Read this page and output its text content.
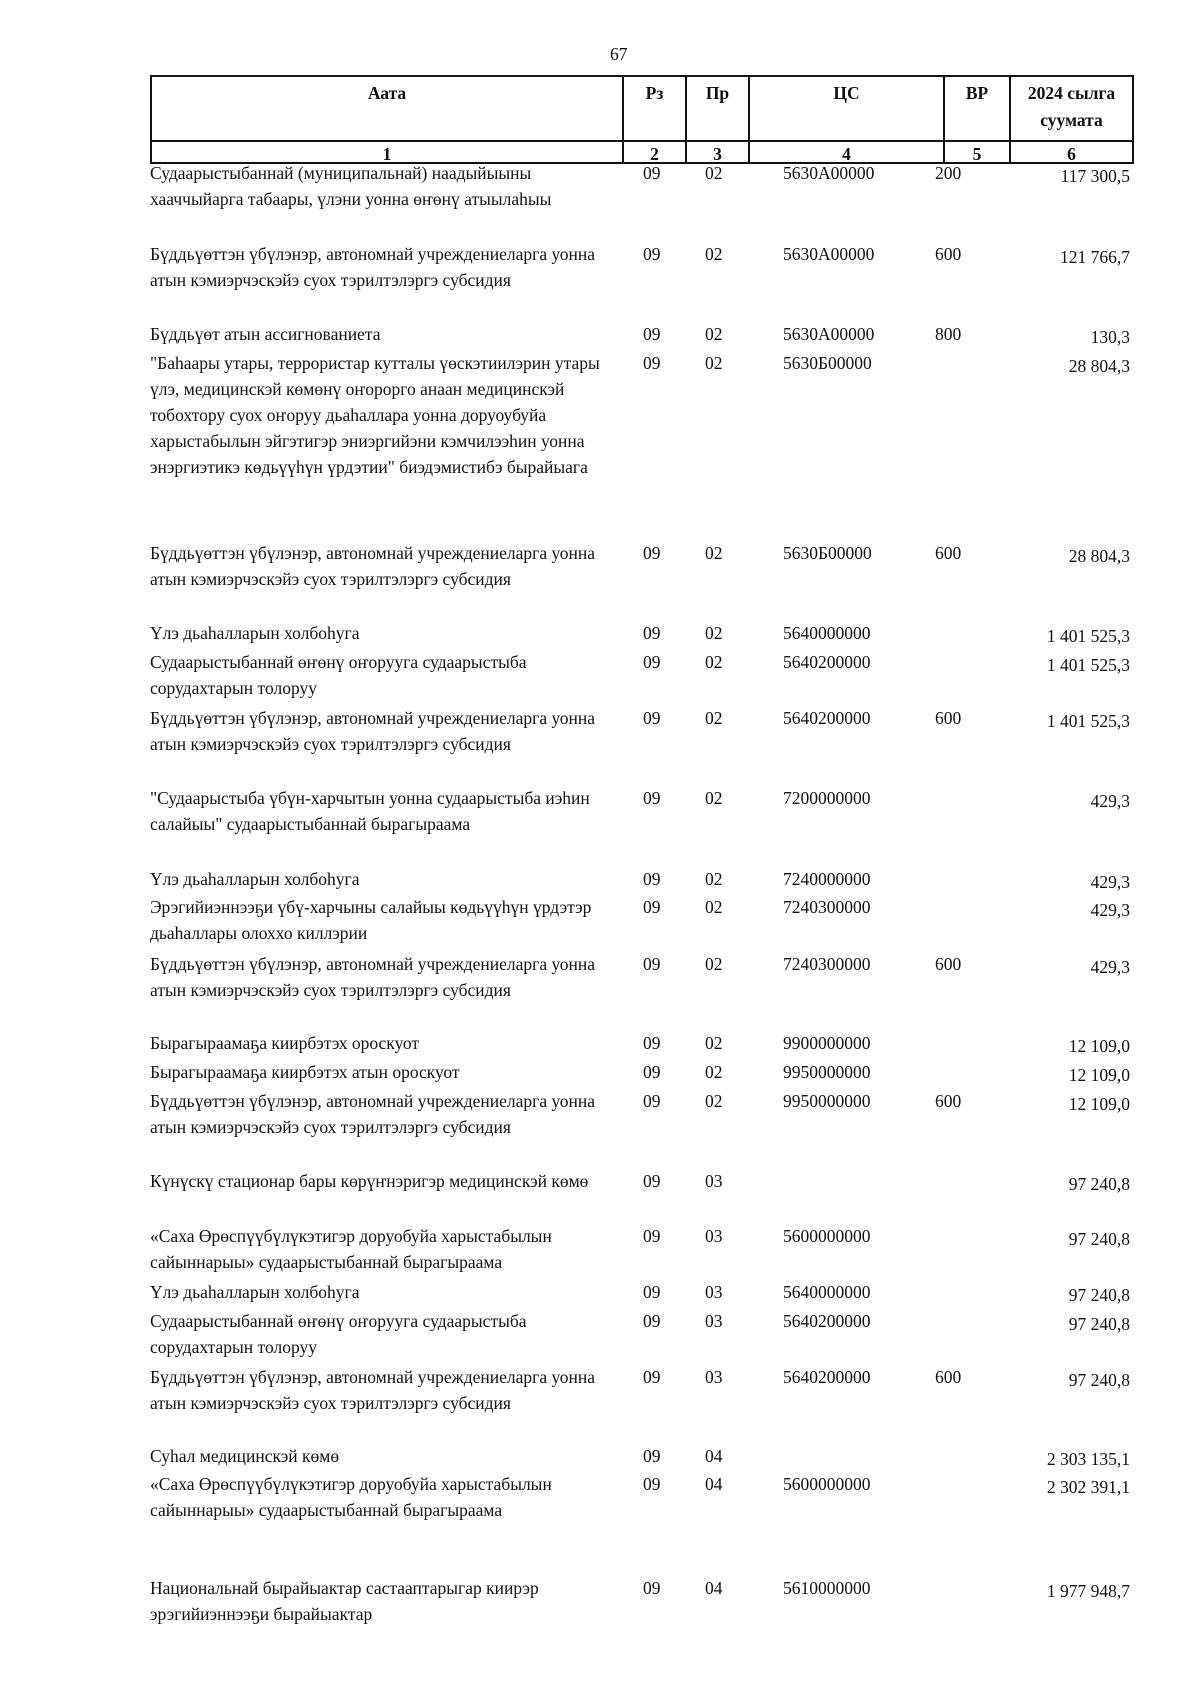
67
Аата	Рз	Пр	ЦС	ВР	2024 сылга суумата
1	2	3	4	5	6
Судаарыстыбаннай (муниципальнай) наадыйыыны хааччыйарга табаары, үлэни уонна өҥөнү атыылаhыы
09	02	5630А00000	200	117 300,5
Бүддьүөттэн үбүлэнэр, автономнай учреждениеларга уонна атын кэмиэрчэскэйэ суох тэрилтэлэргэ субсидия
09	02	5630А00000	600	121 766,7
Бүддьүөт атын ассигнованиета	09	02	5630А00000	800	130,3
"Баhаары утары, террористар кутталы үөскэтиилэрин утары үлэ, медицинскэй көмөнү оҥорорго анаан медицинскэй тобохтору суох оҥоруу дьаhаллара уонна доруоубуйа харыстабылын эйгэтигэр эниэргийэни кэмчилээhин уонна энэргиэтикэ көдьүүhүн үрдэтии" биэдэмистибэ бырайыага
09	02	5630Б00000	28 804,3
Бүддьүөттэн үбүлэнэр, автономнай учреждениеларга уонна атын кэмиэрчэскэйэ суох тэрилтэлэргэ субсидия
09	02	5630Б00000	600	28 804,3
Үлэ дьаhалларын холбоhуга	09	02	5640000000	1 401 525,3
Судаарыстыбаннай өҥөнү оҥорууга судаарыстыба сорудахтарын толоруу
09	02	5640200000	1 401 525,3
Бүддьүөттэн үбүлэнэр, автономнай учреждениеларга уонна атын кэмиэрчэскэйэ суох тэрилтэлэргэ субсидия
09	02	5640200000	600	1 401 525,3
"Судаарыстыба үбүн-харчытын уонна судаарыстыба иэhин салайыы" судаарыстыбаннай бырагыраама
09	02	7200000000	429,3
Үлэ дьаhалларын холбоhуга	09	02	7240000000	429,3
Эрэгийиэннээҕи үбү-харчыны салайыы көдьүүhүн үрдэтэр дьаhаллары олоххо киллэрии
09	02	7240300000	429,3
Бүддьүөттэн үбүлэнэр, автономнай учреждениеларга уонна атын кэмиэрчэскэйэ суох тэрилтэлэргэ субсидия
09	02	7240300000	600	429,3
Бырагыраамаҕа киирбэтэх ороскуот	09	02	9900000000	12 109,0
Бырагыраамаҕа киирбэтэх атын ороскуот	09	02	9950000000	12 109,0
Бүддьүөттэн үбүлэнэр, автономнай учреждениеларга уонна атын кэмиэрчэскэйэ суох тэрилтэлэргэ субсидия
09	02	9950000000	600	12 109,0
Күнүскү стационар бары көрүҥнэригэр медицинскэй көмө	09	03	97 240,8
«Саха Өрөспүүбүлүкэтигэр доруобуйа харыстабылын сайыннарыы» судаарыстыбаннай бырагыраама
09	03	5600000000	97 240,8
Үлэ дьаhалларын холбоhуга	09	03	5640000000	97 240,8
Судаарыстыбаннай өҥөнү оҥорууга судаарыстыба сорудахтарын толоруу
09	03	5640200000	97 240,8
Бүддьүөттэн үбүлэнэр, автономнай учреждениеларга уонна атын кэмиэрчэскэйэ суох тэрилтэлэргэ субсидия
09	03	5640200000	600	97 240,8
Суhал медицинскэй көмө	09	04	2 303 135,1
«Саха Өрөспүүбүлүкэтигэр доруобуйа харыстабылын сайыннарыы» судаарыстыбаннай бырагыраама
09	04	5600000000	2 302 391,1
Национальнай бырайыактар састааптарыгар киирэр эрэгийиэннээҕи бырайыактар
09	04	5610000000	1 977 948,7
